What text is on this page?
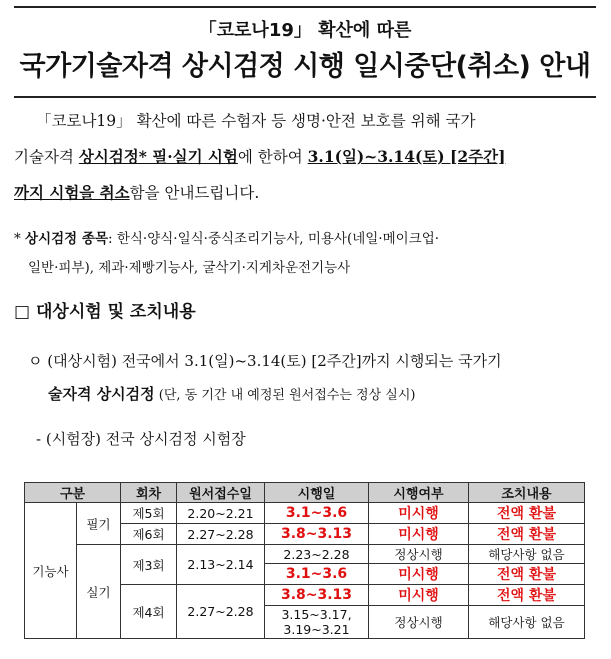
「코로나19」 확산에 따른
국가기술자격 상시검정 시행 일시중단(취소) 안내
「코로나19」 확산에 따른 수험자 등 생명·안전 보호를 위해 국가
기술자격 상시검정* 필·실기 시험에 한하여 3.1(일)~3.14(토) [2주간]
까지 시험을 취소함을 안내드립니다.
* 상시검정 종목: 한식·양식·일식·중식조리기능사, 미용사(네일·메이크업·
일반·피부), 제과·제빵기능사, 굴삭기·지게차운전기능사
□ 대상시험 및 조치내용
ㅇ (대상시험) 전국에서 3.1(일)~3.14(토) [2주간]까지 시행되는 국가기
술자격 상시검정 (단, 동 기간 내 예정된 원서접수는 정상 실시)
- (시험장) 전국 상시검정 시험장
구분		회차	원서접수일	시행일	시행여부	조치내용
기능사	필기	제5회	2.20~2.21	3.1~3.6	미시행	전액 환불
		제6회	2.27~2.28	3.8~3.13	미시행	전액 환불
	실기	제3회	2.13~2.14	2.23~2.28	정상시행	해당사항 없음
				3.1~3.6	미시행	전액 환불
		제4회	2.27~2.28	3.8~3.13	미시행	전액 환불
				3.15~3.17, 3.19~3.21	정상시행	해당사항 없음
